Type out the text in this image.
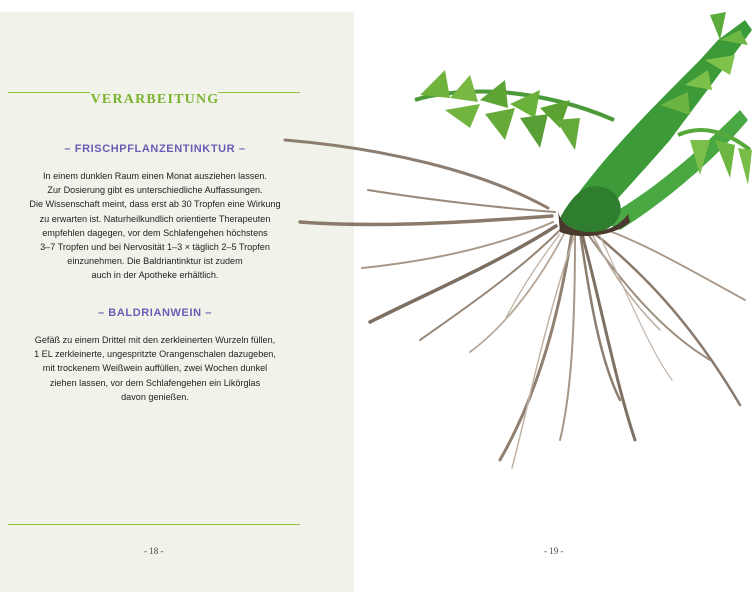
VERARBEITUNG
– FRISCHPFLANZENTINKTUR –
In einem dunklen Raum einen Monat ausziehen lassen.
Zur Dosierung gibt es unterschiedliche Auffassungen.
Die Wissenschaft meint, dass erst ab 30 Tropfen eine Wirkung
zu erwarten ist. Naturheilkundlich orientierte Therapeuten
empfehlen dagegen, vor dem Schlafengehen höchstens
3–7 Tropfen und bei Nervosität 1–3 × täglich 2–5 Tropfen
einzunehmen. Die Baldriantinktur ist zudem
auch in der Apotheke erhältlich.
– BALDRIANWEIN –
Gefäß zu einem Drittel mit den zerkleinerten Wurzeln füllen,
1 EL zerkleinerte, ungespritzte Orangenschalen dazugeben,
mit trockenem Weißwein auffüllen, zwei Wochen dunkel
ziehen lassen, vor dem Schlafengehen ein Likörglas
davon genießen.
- 18 -	- 19 -
